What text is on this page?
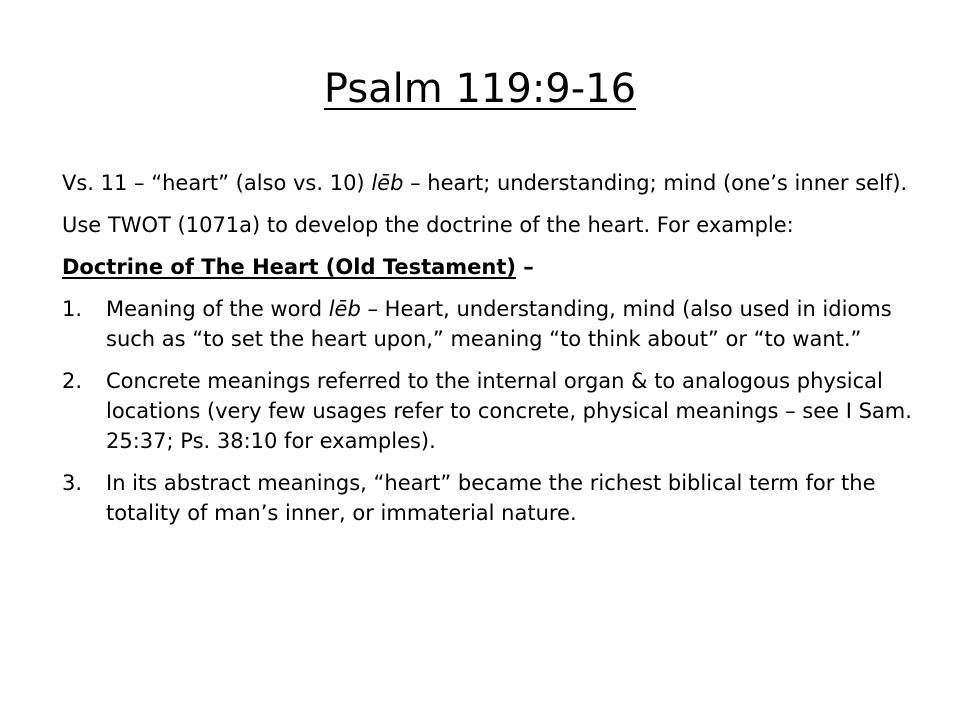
Psalm 119:9-16

Vs. 11 – “heart” (also vs. 10) lēb – heart; understanding; mind (one’s inner self).

Use TWOT (1071a) to develop the doctrine of the heart. For example:

Doctrine of The Heart (Old Testament) –

1.	Meaning of the word lēb – Heart, understanding, mind (also used in idioms such as “to set the heart upon,” meaning “to think about” or “to want.”
2.	Concrete meanings referred to the internal organ & to analogous physical locations (very few usages refer to concrete, physical meanings – see I Sam. 25:37; Ps. 38:10 for examples).
3.	In its abstract meanings, “heart” became the richest biblical term for the totality of man’s inner, or immaterial nature.
